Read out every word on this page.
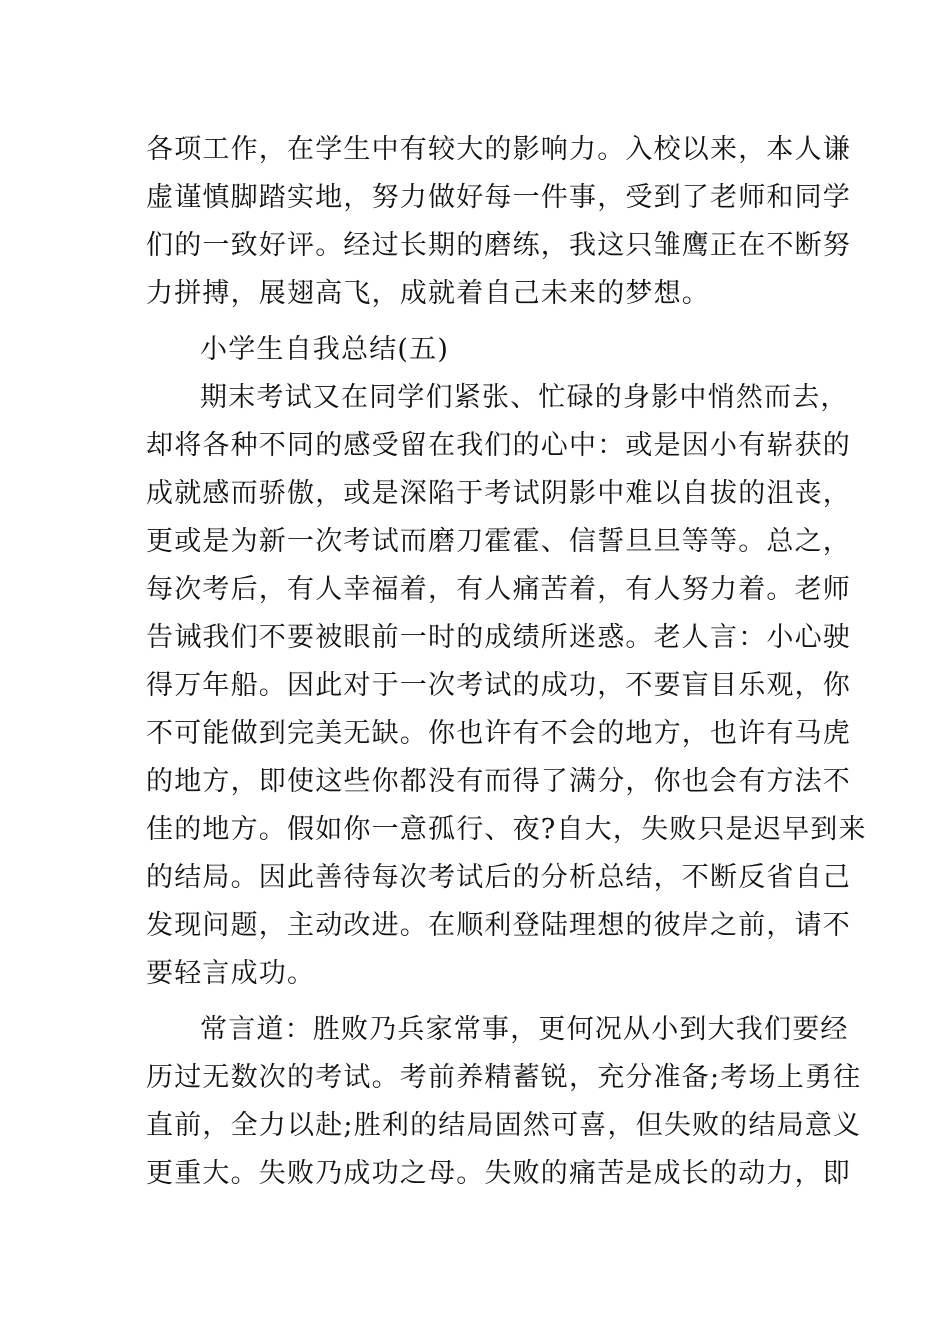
各项工作，在学生中有较大的影响力。入校以来，本人谦
虚谨慎脚踏实地，努力做好每一件事，受到了老师和同学
们的一致好评。经过长期的磨练，我这只雏鹰正在不断努
力拼搏，展翅高飞，成就着自己未来的梦想。
小学生自我总结(五)
期末考试又在同学们紧张、忙碌的身影中悄然而去，
却将各种不同的感受留在我们的心中：或是因小有崭获的
成就感而骄傲，或是深陷于考试阴影中难以自拔的沮丧，
更或是为新一次考试而磨刀霍霍、信誓旦旦等等。总之，
每次考后，有人幸福着，有人痛苦着，有人努力着。老师
告诫我们不要被眼前一时的成绩所迷惑。老人言：小心驶
得万年船。因此对于一次考试的成功，不要盲目乐观，你
不可能做到完美无缺。你也许有不会的地方，也许有马虎
的地方，即使这些你都没有而得了满分，你也会有方法不
佳的地方。假如你一意孤行、夜?自大，失败只是迟早到来
的结局。因此善待每次考试后的分析总结，不断反省自己
发现问题，主动改进。在顺利登陆理想的彼岸之前，请不
要轻言成功。
常言道：胜败乃兵家常事，更何况从小到大我们要经
历过无数次的考试。考前养精蓄锐，充分准备;考场上勇往
直前，全力以赴;胜利的结局固然可喜，但失败的结局意义
更重大。失败乃成功之母。失败的痛苦是成长的动力，即
